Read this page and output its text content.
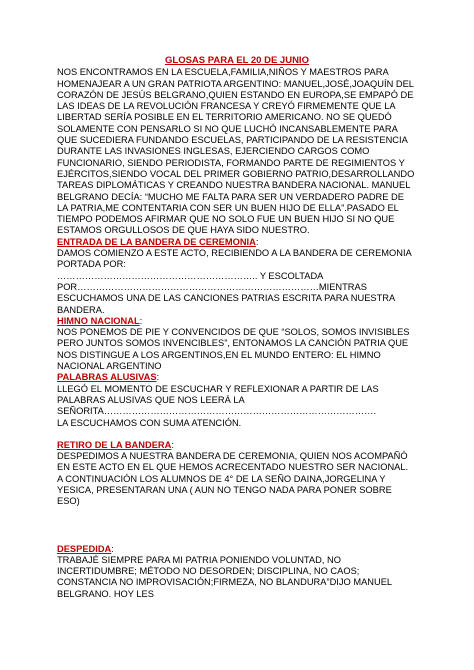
GLOSAS PARA EL 20 DE JUNIO

NOS ENCONTRAMOS EN LA ESCUELA,FAMILIA,NIÑOS Y MAESTROS PARA HOMENAJEAR A UN GRAN PATRIOTA ARGENTINO: MANUEL,JOSÉ,JOAQUÍN DEL CORAZÓN DE JESÚS BELGRANO,QUIEN ESTANDO EN EUROPA,SE EMPAPÓ DE LAS IDEAS DE LA REVOLUCIÓN FRANCESA Y CREYÓ FIRMEMENTE QUE LA LIBERTAD SERÍA POSIBLE EN EL TERRITORIO AMERICANO. NO SE QUEDÓ SOLAMENTE CON PENSARLO SI NO QUE LUCHÓ INCANSABLEMENTE PARA QUE SUCEDIERA FUNDANDO ESCUELAS, PARTICIPANDO DE LA RESISTENCIA DURANTE LAS INVASIONES INGLESAS, EJERCIENDO CARGOS COMO FUNCIONARIO, SIENDO PERIODISTA, FORMANDO PARTE DE REGIMIENTOS Y EJÉRCITOS,SIENDO VOCAL DEL PRIMER GOBIERNO PATRIO,DESARROLLANDO TAREAS DIPLOMÁTICAS Y CREANDO NUESTRA BANDERA NACIONAL. MANUEL BELGRANO DECÍA: “MUCHO ME FALTA PARA SER UN VERDADERO PADRE DE LA PATRIA,ME CONTENTARIA CON SER UN BUEN HIJO DE ELLA”.PASADO EL TIEMPO PODEMOS AFIRMAR QUE NO SOLO FUE UN BUEN HIJO SI NO QUE ESTAMOS ORGULLOSOS DE QUE HAYA SIDO NUESTRO.

ENTRADA DE LA BANDERA DE CEREMONIA:

DAMOS COMIENZO A ESTE ACTO, RECIBIENDO A LA BANDERA DE CEREMONIA PORTADA POR:

……………………………………………………….. Y ESCOLTADA

POR……………………………………………………………………MIENTRAS ESCUCHAMOS UNA DE LAS CANCIONES PATRIAS ESCRITA PARA NUESTRA BANDERA.

HIMNO NACIONAL:

NOS PONEMOS DE PIE Y CONVENCIDOS DE QUE “SOLOS, SOMOS INVISIBLES PERO JUNTOS SOMOS INVENCIBLES”, ENTONAMOS LA CANCIÓN PATRIA QUE NOS DISTINGUE A LOS ARGENTINOS,EN EL MUNDO ENTERO: EL HIMNO NACIONAL ARGENTINO

PALABRAS ALUSIVAS:

LLEGÓ EL MOMENTO DE ESCUCHAR Y REFLEXIONAR A PARTIR DE LAS PALABRAS ALUSIVAS QUE NOS LEERÁ LA SEÑORITA…………………………………………………………………………….

LA ESCUCHAMOS CON SUMA ATENCIÓN.

RETIRO DE LA BANDERA:

DESPEDIMOS A NUESTRA BANDERA DE CEREMONIA, QUIEN NOS ACOMPAÑÓ EN ESTE ACTO EN EL QUE HEMOS ACRECENTADO NUESTRO SER NACIONAL.

A CONTINUACIÓN LOS ALUMNOS DE 4° DE LA SEÑO DAINA,JORGELINA Y YESICA, PRESENTARAN UNA ( AUN NO TENGO NADA PARA PONER SOBRE ESO)

DESPEDIDA:

TRABAJÉ SIEMPRE PARA MI PATRIA PONIENDO VOLUNTAD, NO INCERTIDUMBRE; MÉTODO NO DESORDEN; DISCIPLINA, NO CAOS; CONSTANCIA NO IMPROVISACIÓN;FIRMEZA, NO BLANDURA”DIJO MANUEL BELGRANO. HOY LES
